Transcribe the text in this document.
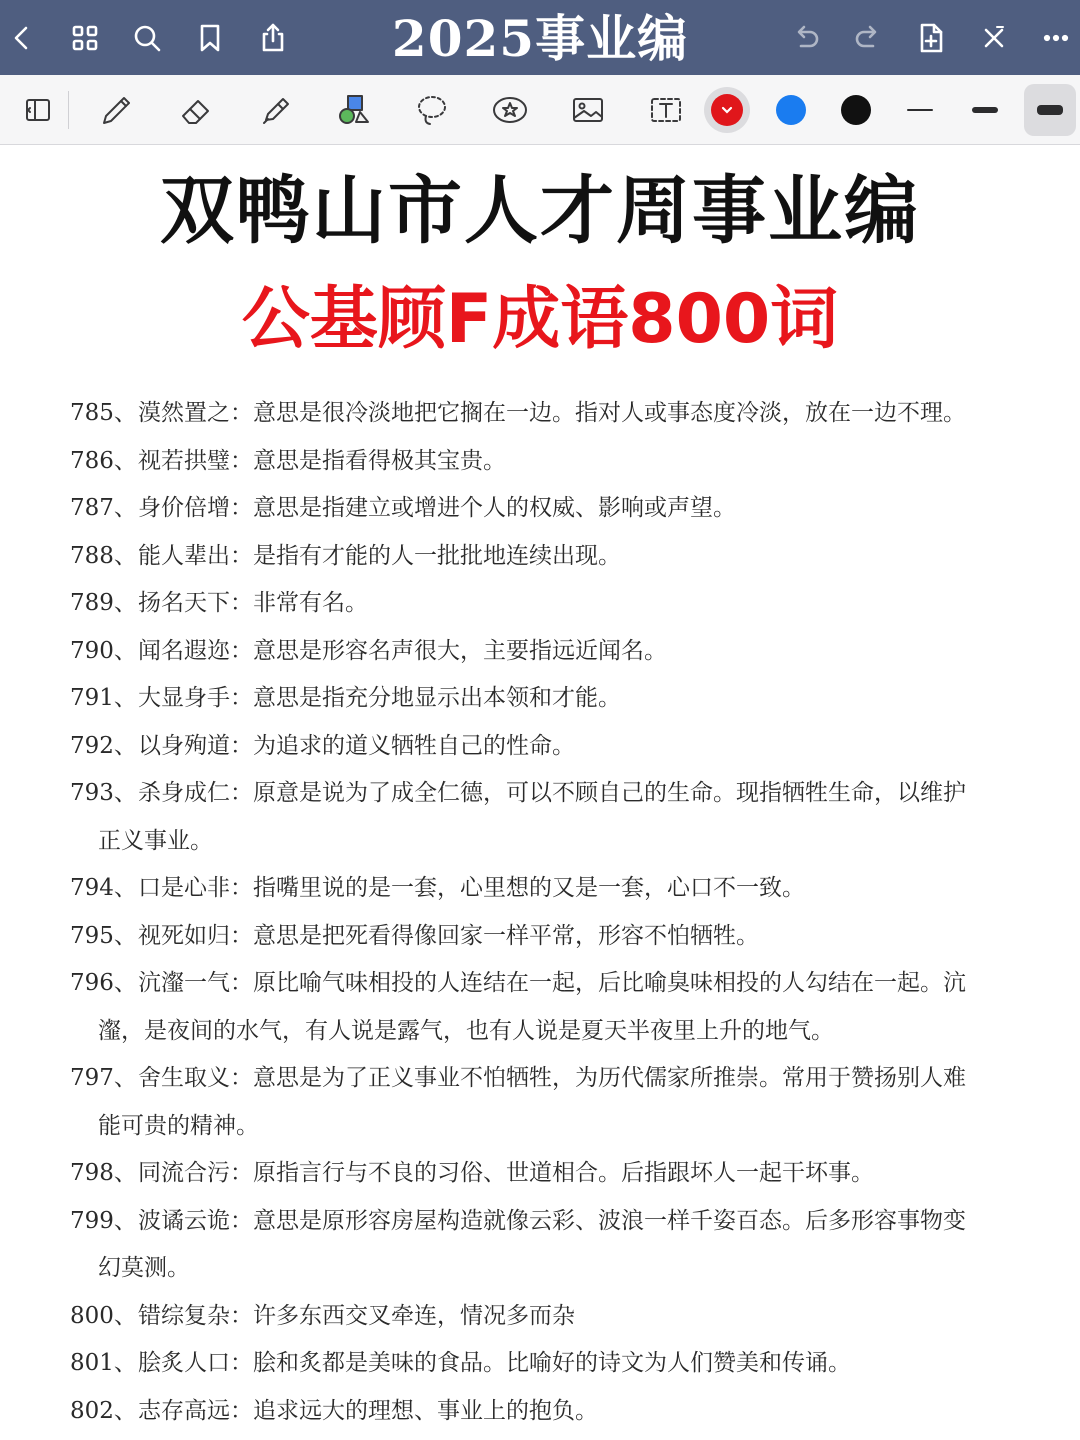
2025事业编
双鸭山市人才周事业编
公基顾F成语800词
785、 漠然置之：意思是很冷淡地把它搁在一边。指对人或事态度冷淡，放在一边不理。
786、 视若拱璧：意思是指看得极其宝贵。
787、 身价倍增：意思是指建立或增进个人的权威、影响或声望。
788、 能人辈出：是指有才能的人一批批地连续出现。
789、 扬名天下：非常有名。
790、 闻名遐迩：意思是形容名声很大，主要指远近闻名。
791、 大显身手：意思是指充分地显示出本领和才能。
792、 以身殉道：为追求的道义牺牲自己的性命。
793、 杀身成仁：原意是说为了成全仁德，可以不顾自己的生命。现指牺牲生命，以维护
正义事业。
794、 口是心非：指嘴里说的是一套，心里想的又是一套，心口不一致。
795、 视死如归：意思是把死看得像回家一样平常，形容不怕牺牲。
796、 沆瀣一气：原比喻气味相投的人连结在一起，后比喻臭味相投的人勾结在一起。沆
瀣，是夜间的水气，有人说是露气，也有人说是夏天半夜里上升的地气。
797、 舍生取义：意思是为了正义事业不怕牺牲，为历代儒家所推崇。常用于赞扬别人难
能可贵的精神。
798、 同流合污：原指言行与不良的习俗、世道相合。后指跟坏人一起干坏事。
799、 波谲云诡：意思是原形容房屋构造就像云彩、波浪一样千姿百态。后多形容事物变
幻莫测。
800、 错综复杂：许多东西交叉牵连，情况多而杂
801、 脍炙人口：脍和炙都是美味的食品。比喻好的诗文为人们赞美和传诵。
802、 志存高远：追求远大的理想、事业上的抱负。
